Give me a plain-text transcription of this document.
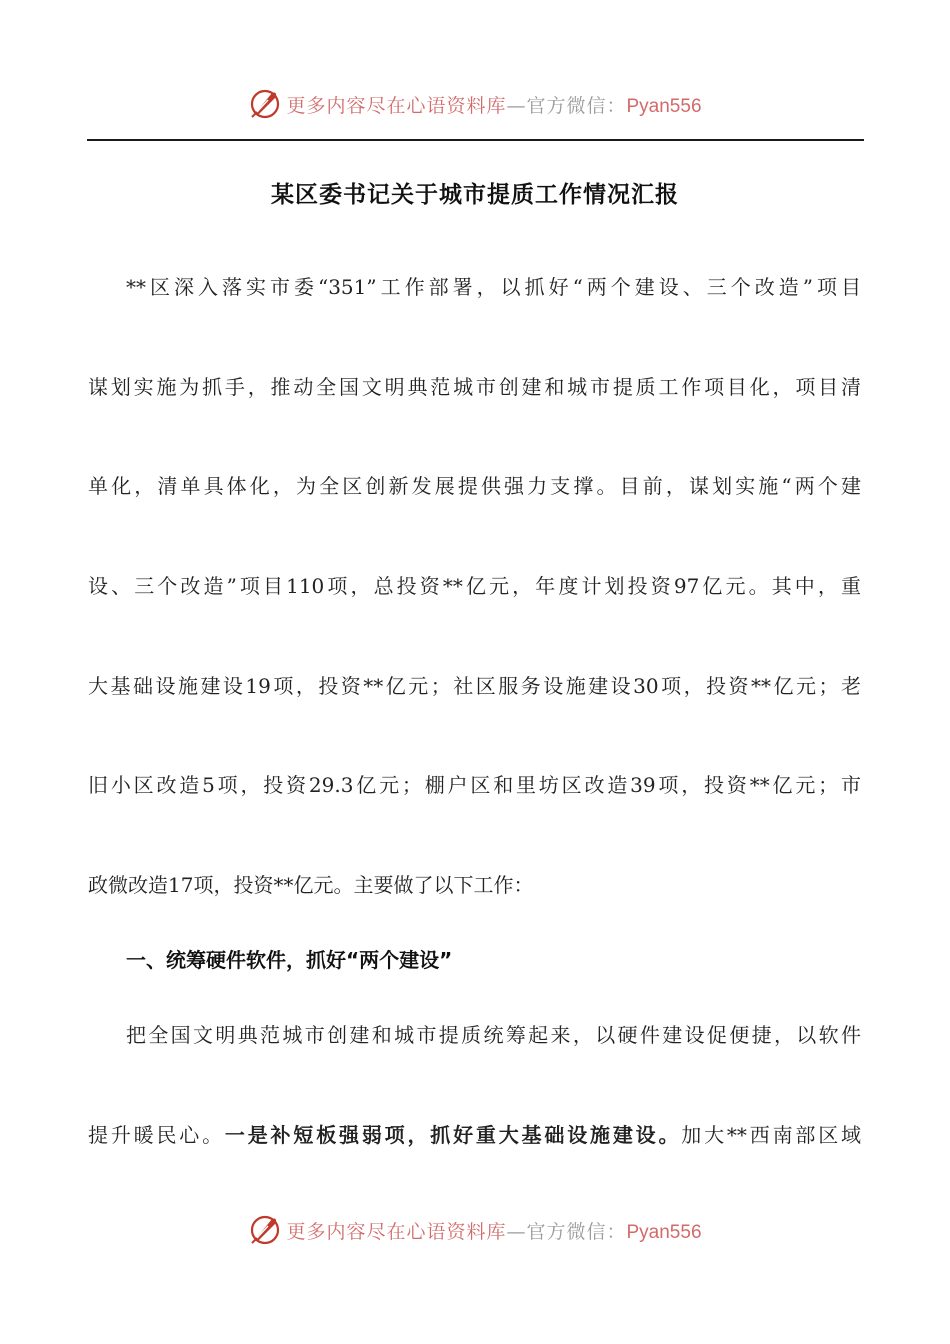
更多内容尽在心语资料库—官方微信：Pyan556
某区委书记关于城市提质工作情况汇报
**区深入落实市委“351”工作部署，以抓好“两个建设、三个改造”项目
谋划实施为抓手，推动全国文明典范城市创建和城市提质工作项目化，项目清
单化，清单具体化，为全区创新发展提供强力支撑。目前，谋划实施“两个建
设、三个改造”项目110项，总投资**亿元，年度计划投资97亿元。其中，重
大基础设施建设19项，投资**亿元；社区服务设施建设30项，投资**亿元；老
旧小区改造5项，投资29.3亿元；棚户区和里坊区改造39项，投资**亿元；市
政微改造17项，投资**亿元。主要做了以下工作：
一、统筹硬件软件，抓好“两个建设”
把全国文明典范城市创建和城市提质统筹起来，以硬件建设促便捷，以软件
提升暖民心。一是补短板强弱项，抓好重大基础设施建设。加大**西南部区域
更多内容尽在心语资料库—官方微信：Pyan556
